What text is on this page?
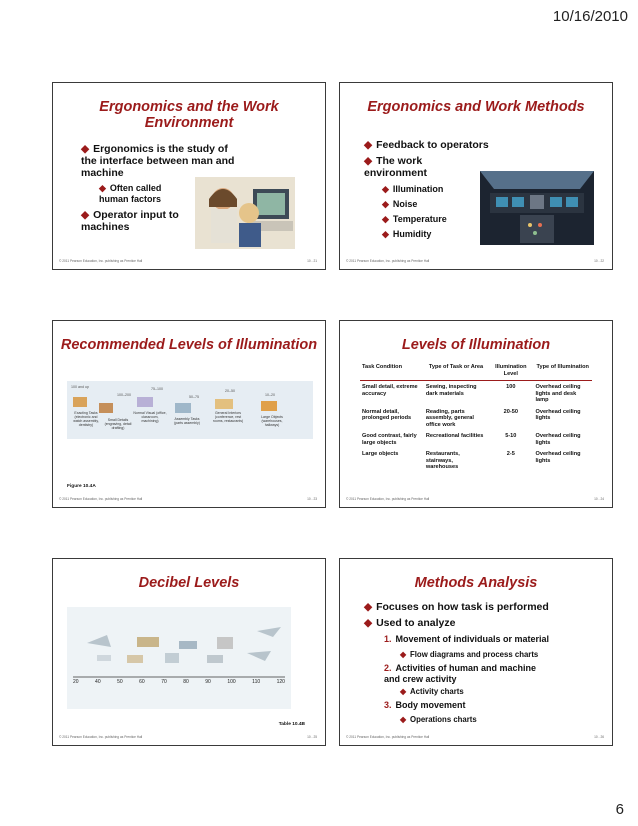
10/16/2010
Ergonomics and the Work Environment
◆ Ergonomics is the study of the interface between man and machine
◆ Often called human factors
◆ Operator input to machines
© 2011 Pearson Education, Inc. publishing as Prentice Hall	10 - 21
Ergonomics and Work Methods
◆ Feedback to operators
◆ The work environment
◆ Illumination
◆ Noise
◆ Temperature
◆ Humidity
© 2011 Pearson Education, Inc. publishing as Prentice Hall	10 - 22
Recommended Levels of Illumination
100 and up
100–200
75–100
50–75
20–50
10–20
Exacting Tasks (electronic and watch assembly, dentistry)
Small Details (engraving, detail drafting)
Normal Visual (office, classroom, machining)	Assembly Tasks (parts assembly)
General Interiors (conference, rest rooms, restaurants)
Large Objects (warehouses, hallways)
Figure 10.4A
© 2011 Pearson Education, Inc. publishing as Prentice Hall	10 - 23
Levels of Illumination
Task Condition	Type of Task or Area	Illumination Level	Type of Illumination
Small detail, extreme accuracy	Sewing, inspecting dark materials	100	Overhead ceiling lights and desk lamp
Normal detail, prolonged periods	Reading, parts assembly, general office work	20-50	Overhead ceiling lights
Good contrast, fairly large objects	Recreational facilities	5-10	Overhead ceiling lights
Large objects	Restaurants, stairways, warehouses	2-5	Overhead ceiling lights
© 2011 Pearson Education, Inc. publishing as Prentice Hall	10 - 24
Decibel Levels
20	40	50	60	70	80	90	100	110	120
Table 10.4B
© 2011 Pearson Education, Inc. publishing as Prentice Hall	10 - 25
Methods Analysis
◆ Focuses on how task is performed
◆ Used to analyze
1. Movement of individuals or material
◆ Flow diagrams and process charts
2. Activities of human and machine and crew activity
◆ Activity charts
3. Body movement
◆ Operations charts
© 2011 Pearson Education, Inc. publishing as Prentice Hall	10 - 26
6
